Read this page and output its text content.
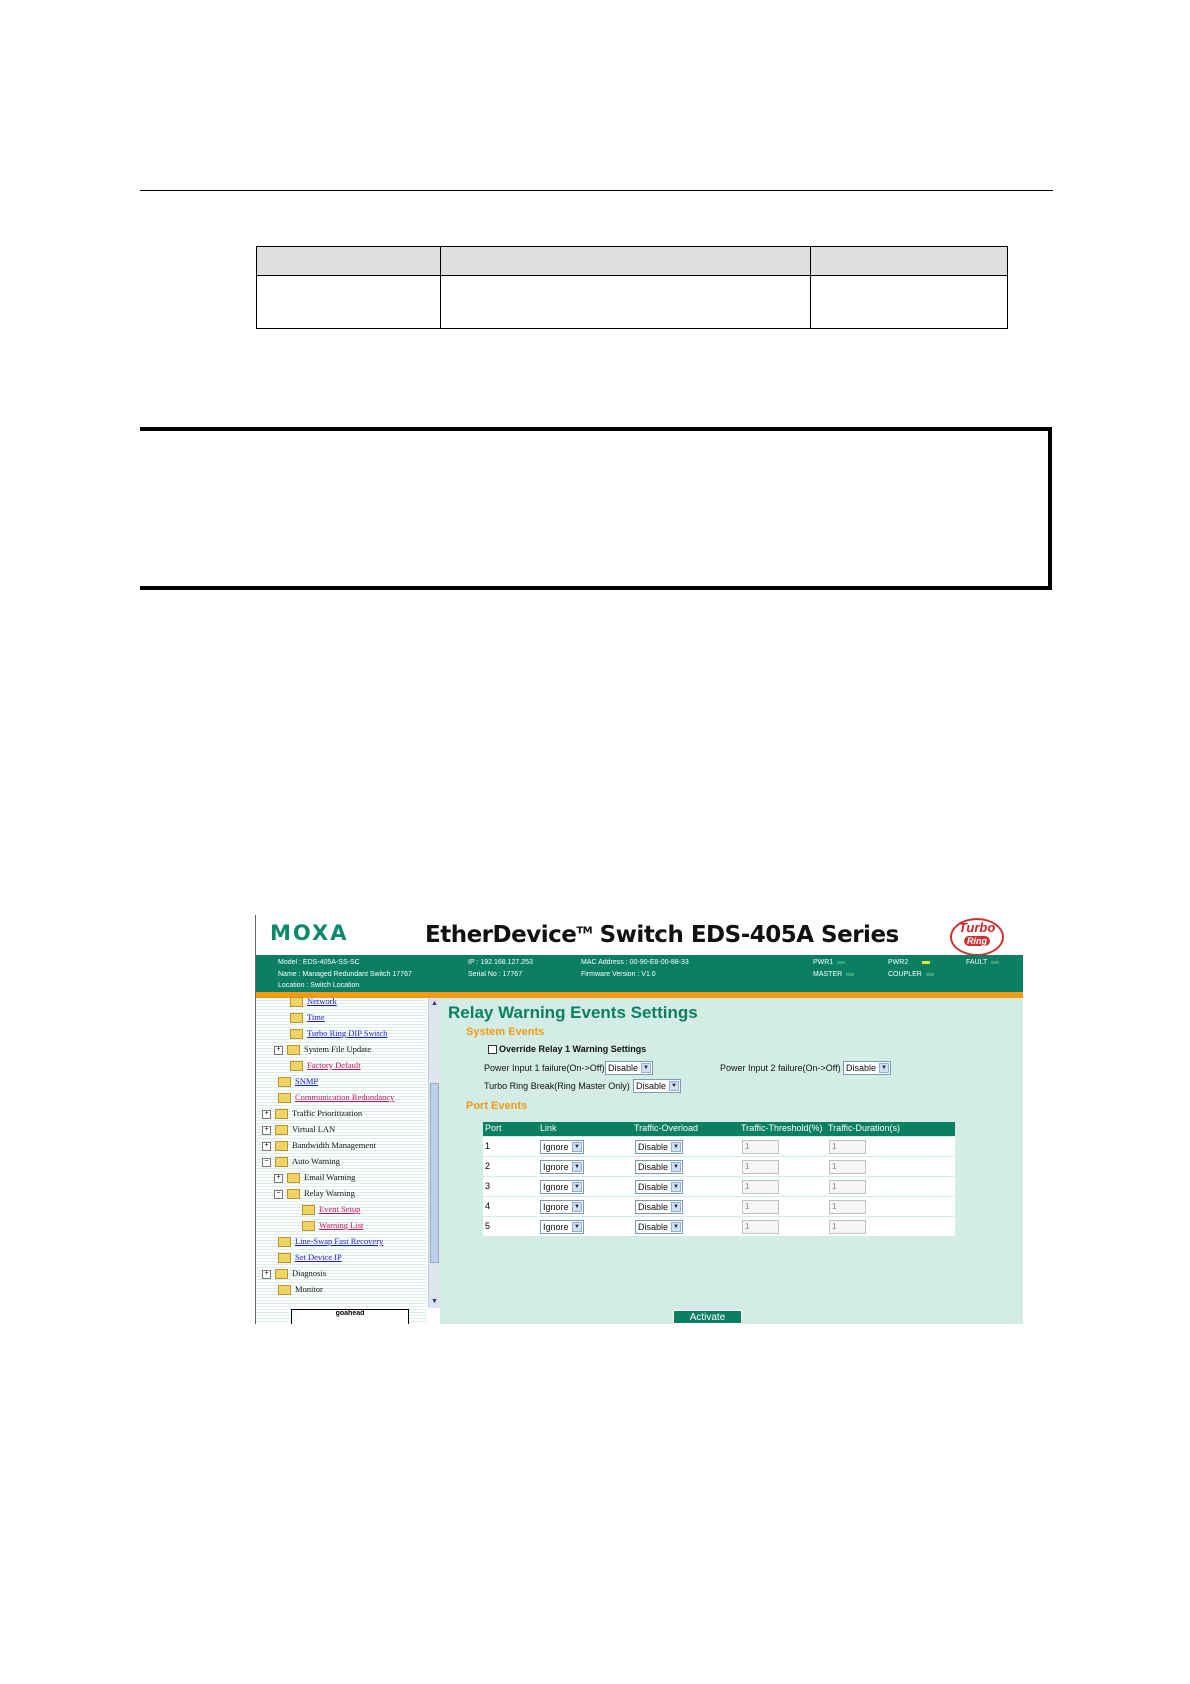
MOXA	EtherDevice™ Switch EDS-405A Series	Turbo
Ring
Model : EDS-405A-SS-SC
Name : Managed Redundant Switch 17767
Location : Switch Location
IP : 192.168.127.253
Serial No : 17767
MAC Address : 00-90-E8-00-88-33
Firmware Version : V1.0
PWR1
MASTER
PWR2
COUPLER
FAULT
Network
Time
Turbo Ring DIP Switch
+	System File Update
Factory Default
SNMP
Communication Redundancy
+	Traffic Prioritization
+	Virtual LAN
+	Bandwidth Management
−	Auto Warning
+	Email Warning
−	Relay Warning
Event Setup
Warning List
Line-Swap Fast Recovery
Set Device IP
+	Diagnosis
Monitor
▲
▼
goahead
Relay Warning Events Settings
System Events
Override Relay 1 Warning Settings
Power Input 1 failure(On->Off) Disable ▼	Power Input 2 failure(On->Off) Disable ▼
Turbo Ring Break(Ring Master Only) Disable ▼
Port Events
Port	Link	Traffic-Overload	Traffic-Threshold(%) Traffic-Duration(s)
1	Ignore ▼	Disable ▼	1	1
2	Ignore ▼	Disable ▼	1	1
3	Ignore ▼	Disable ▼	1	1
4	Ignore ▼	Disable ▼	1	1
5	Ignore ▼	Disable ▼	1	1
Activate
